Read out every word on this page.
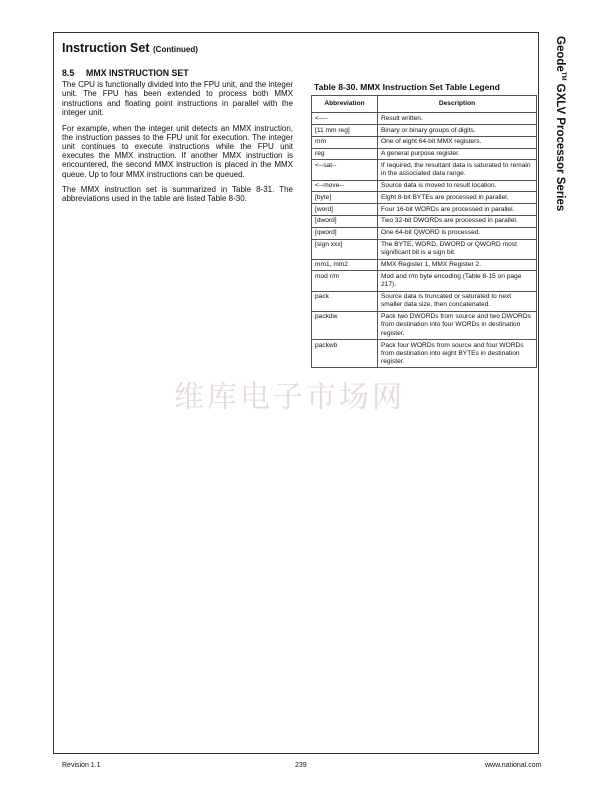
Instruction Set (Continued)	Geode™ GXLV Processor Series
8.5 MMX INSTRUCTION SET

The CPU is functionally divided into the FPU unit, and the integer unit. The FPU has been extended to process both MMX instructions and floating point instructions in parallel with the integer unit.

For example, when the integer unit detects an MMX instruction, the instruction passes to the FPU unit for execution. The integer unit continues to execute instructions while the FPU unit executes the MMX instruction. If another MMX instruction is encountered, the second MMX instruction is placed in the MMX queue. Up to four MMX instructions can be queued.

The MMX instruction set is summarized in Table 8-31. The abbreviations used in the table are listed Table 8-30.

Table 8-30. MMX Instruction Set Table Legend
Abbreviation	Description
<----	Result written.
[11 mm reg]	Binary or binary groups of digits.
mm	One of eight 64-bit MMX registers.
reg	A general purpose register.
<--sat--	If required, the resultant data is saturated to remain in the associated data range.
<--move--	Source data is moved to result location.
[byte]	Eight 8-bit BYTEs are processed in parallel.
[word]	Four 16-bit WORDs are processed in parallel.
[dword]	Two 32-bit DWORDs are processed in parallel.
[qword]	One 64-bit QWORD is processed.
[sign xxx]	The BYTE, WORD, DWORD or QWORD most significant bit is a sign bit.
mm1, mm2	MMX Register 1, MMX Register 2.
mod r/m	Mod and r/m byte encoding (Table 8-15 on page 217).
pack	Source data is truncated or saturated to next smaller data size, then concatenated.
packdw	Pack two DWORDs from source and two DWORDs from destination into four WORDs in destination register.
packwb	Pack four WORDs from source and four WORDs from destination into eight BYTEs in destination register.
维库电子市场网
Revision 1.1	239	www.national.com
